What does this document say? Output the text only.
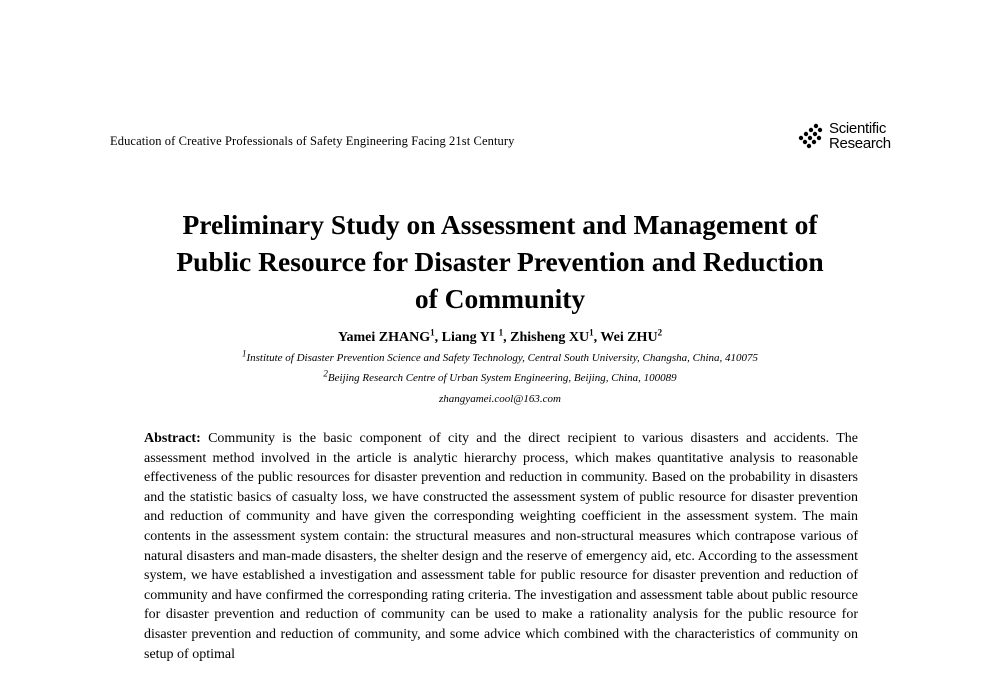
Education of Creative Professionals of Safety Engineering Facing 21st Century
Scientific
Research
Preliminary Study on Assessment and Management of
Public Resource for Disaster Prevention and Reduction
of Community
Yamei ZHANG$^1$, Liang YI $^1$, Zhisheng $XU^1$, Wei ZHU$^2$
$^1$Institute of Disaster Prevention Science and Safety Technology, Central South University, Changsha, China, 410075
$^2$Beijing Research Centre of Urban System Engineering, Beijing, China, 100089
zhangyamei.cool@163.com

Abstract: Community is the basic component of city and the direct recipient to various disasters and accidents. The assessment method involved in the article is analytic hierarchy process, which makes quantitative analysis to reasonable effectiveness of the public resources for disaster prevention and reduction in community. Based on the probability in disasters and the statistic basics of casualty loss, we have constructed the assessment system of public resource for disaster prevention and reduction of community and have given the corresponding weighting coefficient in the assessment system. The main contents in the assessment system contain: the structural measures and non-structural measures which contrapose various of natural disasters and man-made disasters, the shelter design and the reserve of emergency aid, etc. According to the assessment system, we have established a investigation and assessment table for public resource for disaster prevention and reduction of community and have confirmed the corresponding rating criteria. The investigation and assessment table about public resource for disaster prevention and reduction of community can be used to make a rationality analysis for the public resource for disaster prevention and reduction of community, and some advice which combined with the characteristics of community on setup of optimal
